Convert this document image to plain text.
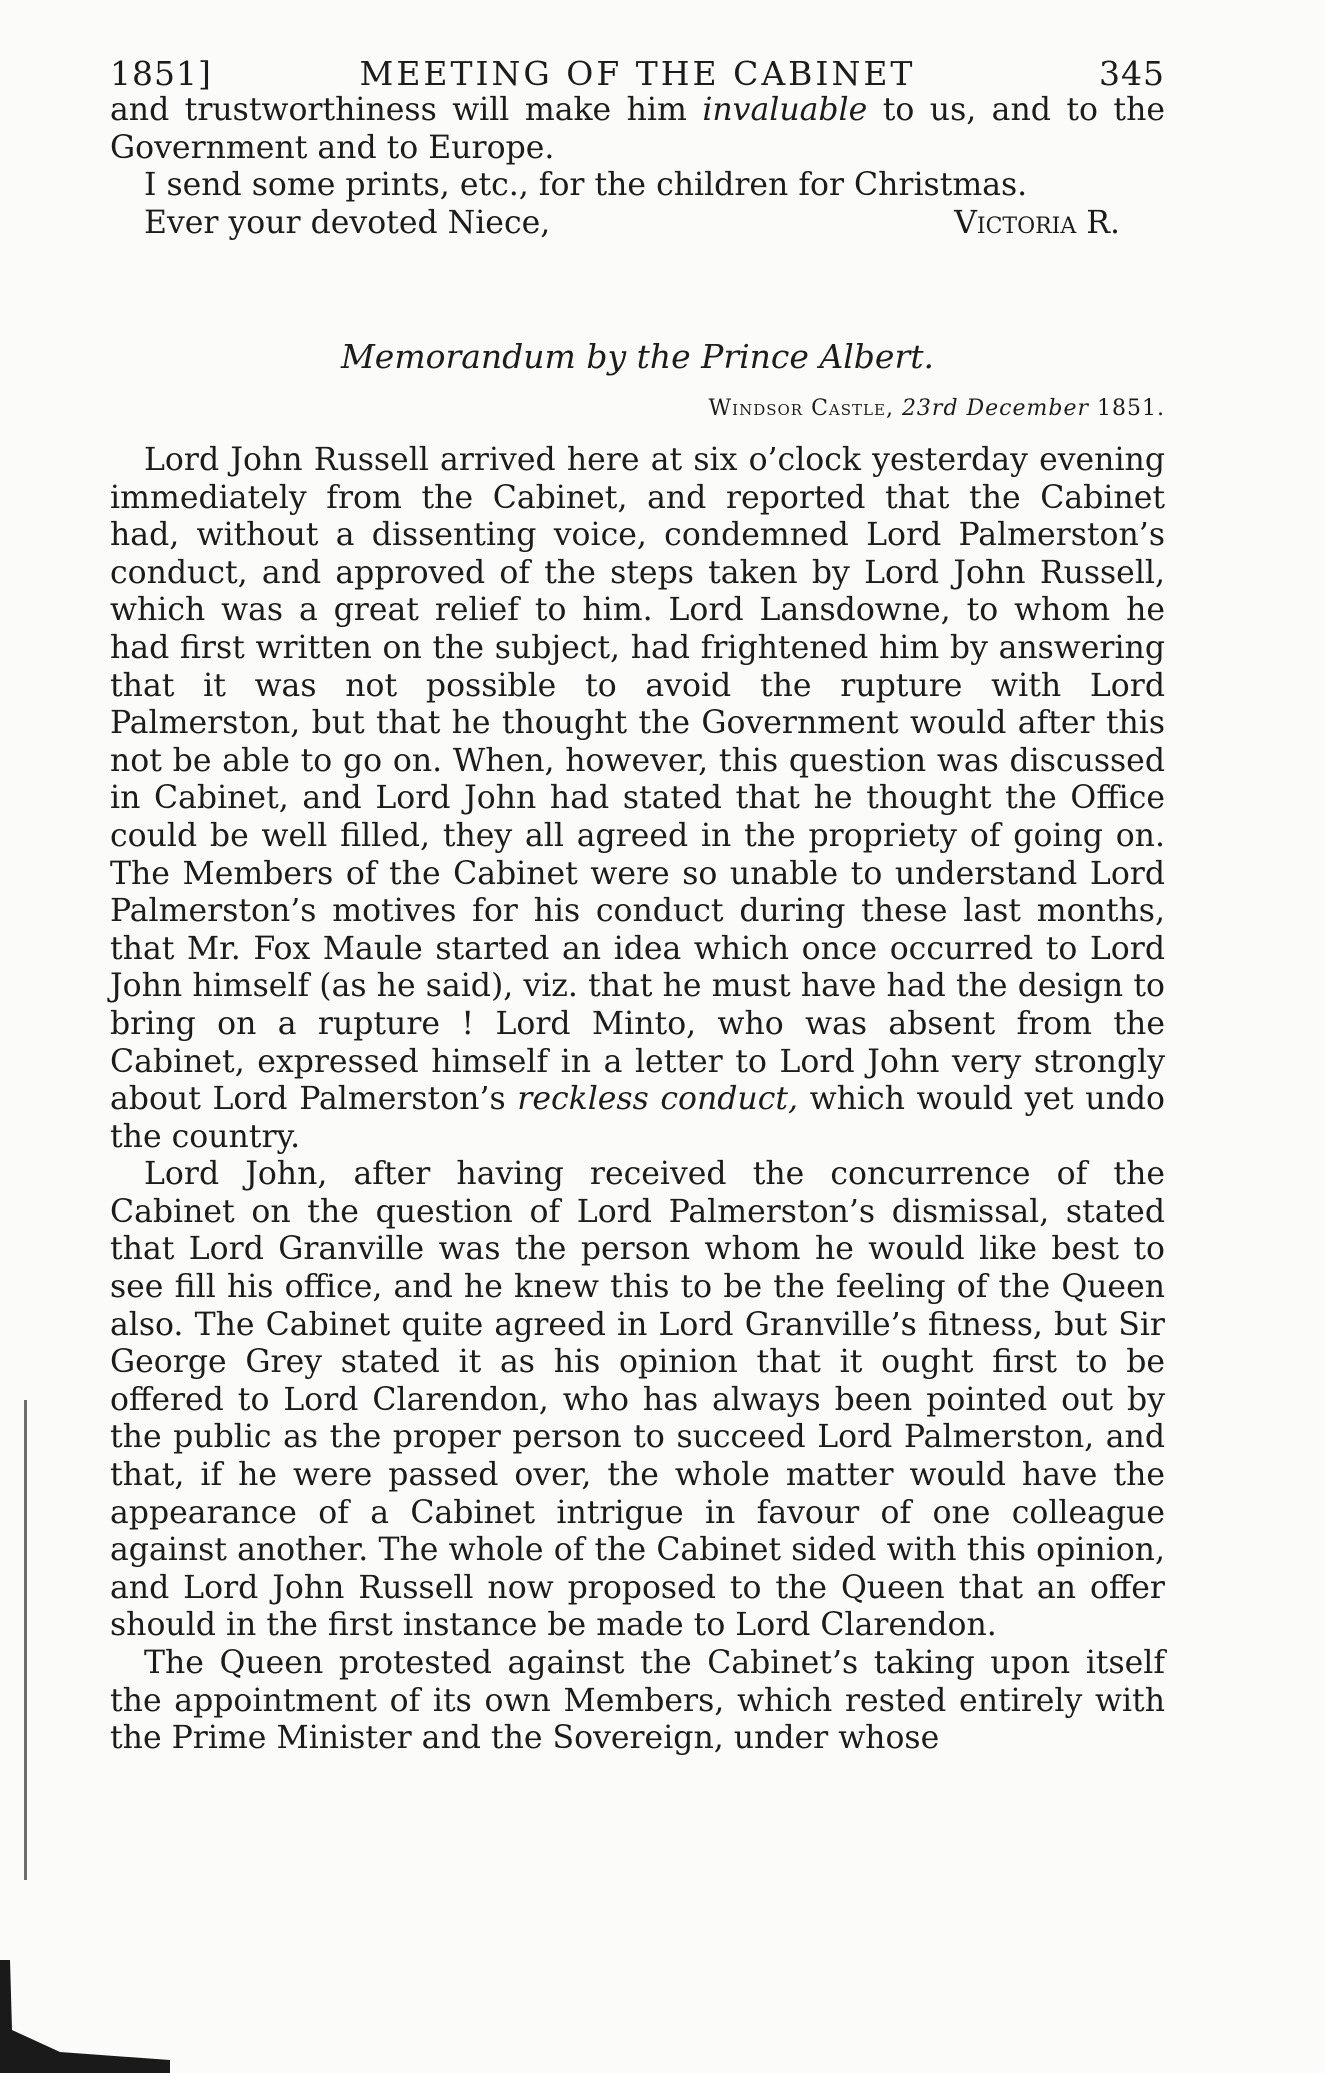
1851]	MEETING OF THE CABINET	345

and trustworthiness will make him invaluable to us, and to the Government and to Europe.

I send some prints, etc., for the children for Christmas.

Ever your devoted Niece,	Victoria R.

Memorandum by the Prince Albert.
Windsor Castle, 23rd December 1851.

Lord John Russell arrived here at six o’clock yesterday evening immediately from the Cabinet, and reported that the Cabinet had, without a dissenting voice, condemned Lord Palmerston’s conduct, and approved of the steps taken by Lord John Russell, which was a great relief to him. Lord Lansdowne, to whom he had first written on the subject, had frightened him by answering that it was not possible to avoid the rupture with Lord Palmerston, but that he thought the Government would after this not be able to go on. When, however, this question was discussed in Cabinet, and Lord John had stated that he thought the Office could be well filled, they all agreed in the propriety of going on. The Members of the Cabinet were so unable to understand Lord Palmerston’s motives for his conduct during these last months, that Mr. Fox Maule started an idea which once occurred to Lord John himself (as he said), viz. that he must have had the design to bring on a rupture ! Lord Minto, who was absent from the Cabinet, expressed himself in a letter to Lord John very strongly about Lord Palmerston’s reckless conduct, which would yet undo the country.

Lord John, after having received the concurrence of the Cabinet on the question of Lord Palmerston’s dismissal, stated that Lord Granville was the person whom he would like best to see fill his office, and he knew this to be the feeling of the Queen also. The Cabinet quite agreed in Lord Granville’s fitness, but Sir George Grey stated it as his opinion that it ought first to be offered to Lord Clarendon, who has always been pointed out by the public as the proper person to succeed Lord Palmerston, and that, if he were passed over, the whole matter would have the appearance of a Cabinet intrigue in favour of one colleague against another. The whole of the Cabinet sided with this opinion, and Lord John Russell now proposed to the Queen that an offer should in the first instance be made to Lord Clarendon.

The Queen protested against the Cabinet’s taking upon itself the appointment of its own Members, which rested entirely with the Prime Minister and the Sovereign, under whose
